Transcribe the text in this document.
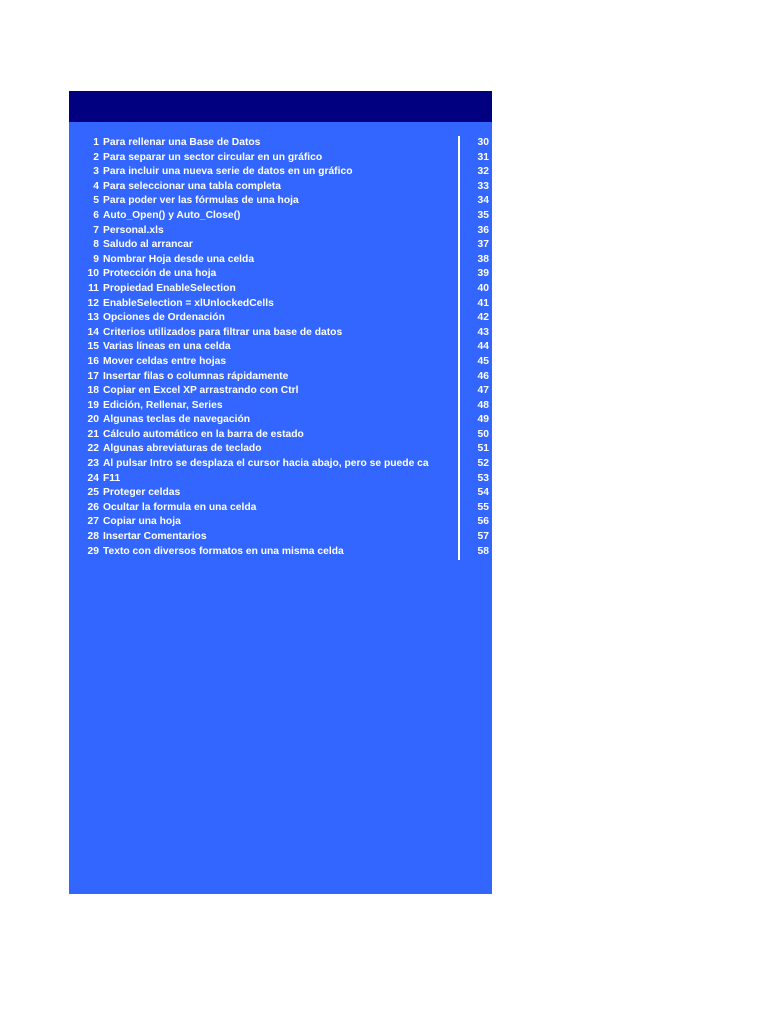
1 Para rellenar una Base de Datos	30
2 Para separar un sector circular en un gráfico	31
3 Para incluir una nueva serie de datos en un gráfico	32
4 Para seleccionar una tabla completa	33
5 Para poder ver las fórmulas de una hoja	34
6 Auto_Open() y Auto_Close()	35
7 Personal.xls	36
8 Saludo al arrancar	37
9 Nombrar Hoja desde una celda	38
10 Protección de una hoja	39
11 Propiedad EnableSelection	40
12 EnableSelection = xlUnlockedCells	41
13 Opciones de Ordenación	42
14 Criterios utilizados para filtrar una base de datos	43
15 Varias líneas en una celda	44
16 Mover celdas entre hojas	45
17 Insertar filas o columnas rápidamente	46
18 Copiar en Excel XP arrastrando con Ctrl	47
19 Edición, Rellenar, Series	48
20 Algunas teclas de navegación	49
21 Cálculo automático en la barra de estado	50
22 Algunas abreviaturas de teclado	51
23 Al pulsar Intro se desplaza el cursor hacia abajo, pero se puede ca	52
24 F11	53
25 Proteger celdas	54
26 Ocultar la formula en una celda	55
27 Copiar una hoja	56
28 Insertar Comentarios	57
29 Texto con diversos formatos en una misma celda	58
